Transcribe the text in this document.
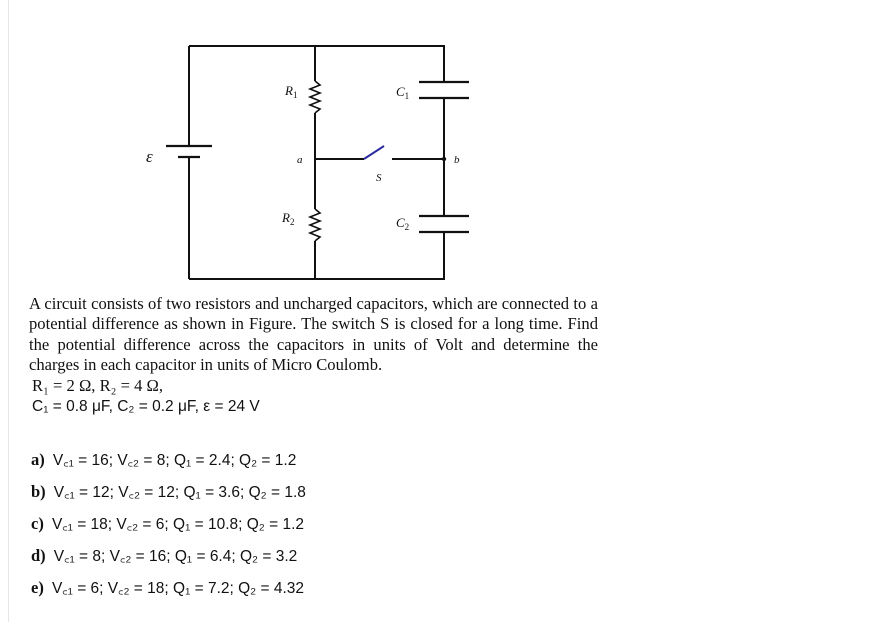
ε
$R_1$
$R_2$
$C_1$
$C_2$
a	b
S

A circuit consists of two resistors and uncharged capacitors, which are connected to a potential difference as shown in Figure. The switch S is closed for a long time. Find the potential difference across the capacitors in units of Volt and determine the charges in each capacitor in units of Micro Coulomb.

R₁ = 2 Ω, R₂ = 4 Ω,
C₁ = 0.8 μF, C₂ = 0.2 μF, ε = 24 V
a) V꜀₁ = 16; V꜀₂ = 8; Q₁ = 2.4; Q₂ = 1.2
b) V꜀₁ = 12; V꜀₂ = 12; Q₁ = 3.6; Q₂ = 1.8
c) V꜀₁ = 18; V꜀₂ = 6; Q₁ = 10.8; Q₂ = 1.2
d) V꜀₁ = 8; V꜀₂ = 16; Q₁ = 6.4; Q₂ = 3.2
e) V꜀₁ = 6; V꜀₂ = 18; Q₁ = 7.2; Q₂ = 4.32
